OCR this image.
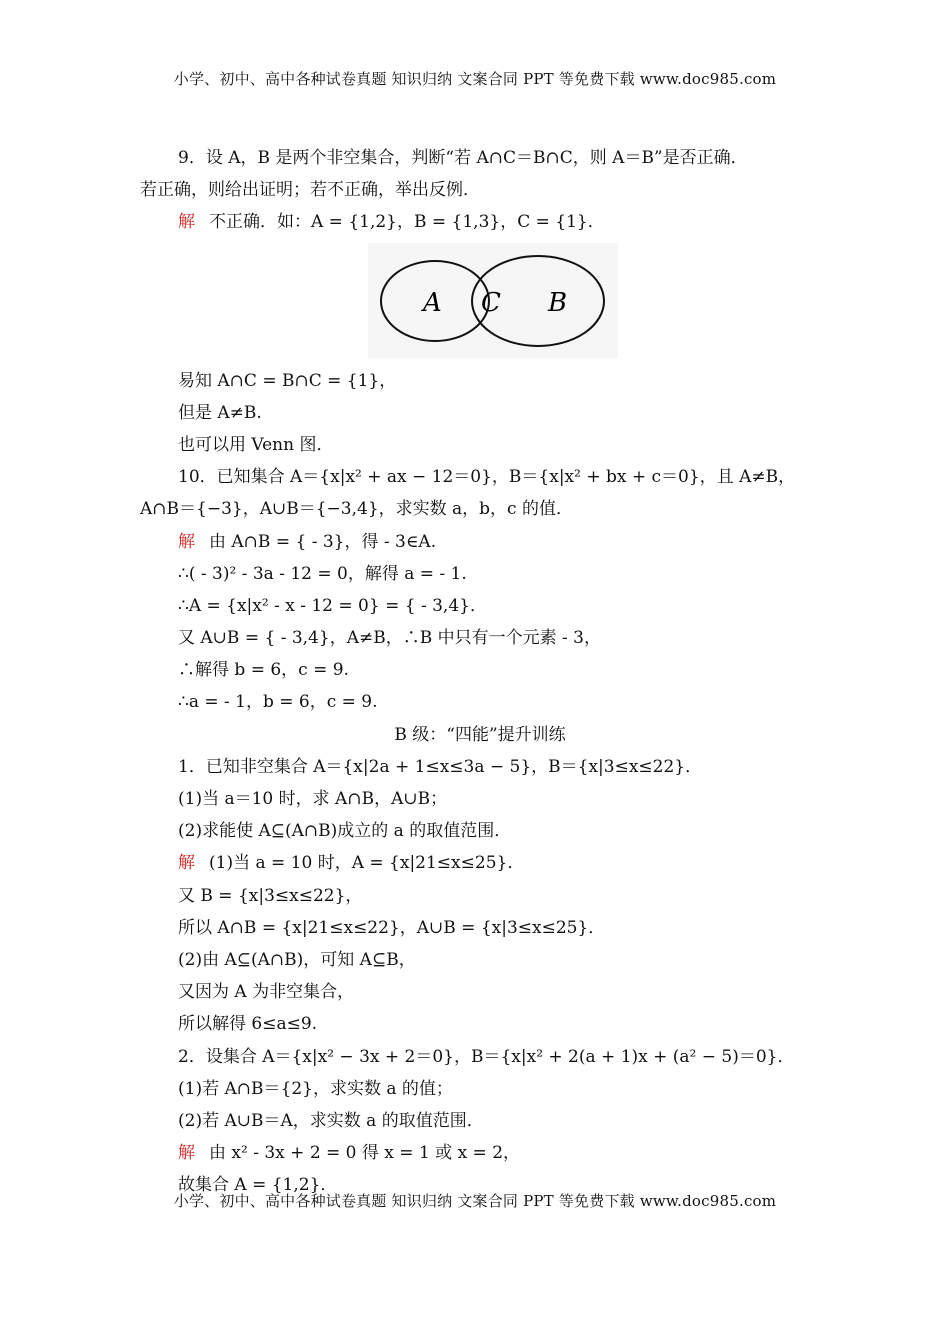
小学、初中、高中各种试卷真题 知识归纳 文案合同 PPT 等免费下载 www.doc985.com
9．设 A，B 是两个非空集合，判断“若 A∩C＝B∩C，则 A＝B”是否正确．
若正确，则给出证明；若不正确，举出反例．
解 不正确．如：A = {1,2}，B = {1,3}，C = {1}．
A C B
易知 A∩C = B∩C = {1}，
但是 A≠B.
也可以用 Venn 图．
10．已知集合 A＝{x|x² + ax − 12＝0}，B＝{x|x² + bx + c＝0}，且 A≠B，
A∩B＝{−3}，A∪B＝{−3,4}，求实数 a，b，c 的值．
解 由 A∩B = { - 3}，得 - 3∈A.
∴( - 3)² - 3a - 12 = 0，解得 a = - 1.
∴A = {x|x² - x - 12 = 0} = { - 3,4}．
又 A∪B = { - 3,4}，A≠B，∴B 中只有一个元素 - 3，
∴解得 b = 6，c = 9.
∴a = - 1，b = 6，c = 9.
B 级：“四能”提升训练
1．已知非空集合 A＝{x|2a + 1≤x≤3a − 5}，B＝{x|3≤x≤22}．
(1)当 a＝10 时，求 A∩B，A∪B；
(2)求能使 A⊆(A∩B)成立的 a 的取值范围．
解 (1)当 a = 10 时，A = {x|21≤x≤25}．
又 B = {x|3≤x≤22}，
所以 A∩B = {x|21≤x≤22}，A∪B = {x|3≤x≤25}．
(2)由 A⊆(A∩B)，可知 A⊆B，
又因为 A 为非空集合，
所以解得 6≤a≤9.
2．设集合 A＝{x|x² − 3x + 2＝0}，B＝{x|x² + 2(a + 1)x + (a² − 5)＝0}．
(1)若 A∩B＝{2}，求实数 a 的值；
(2)若 A∪B＝A，求实数 a 的取值范围．
解 由 x² - 3x + 2 = 0 得 x = 1 或 x = 2，
故集合 A = {1,2}．
小学、初中、高中各种试卷真题 知识归纳 文案合同 PPT 等免费下载 www.doc985.com
